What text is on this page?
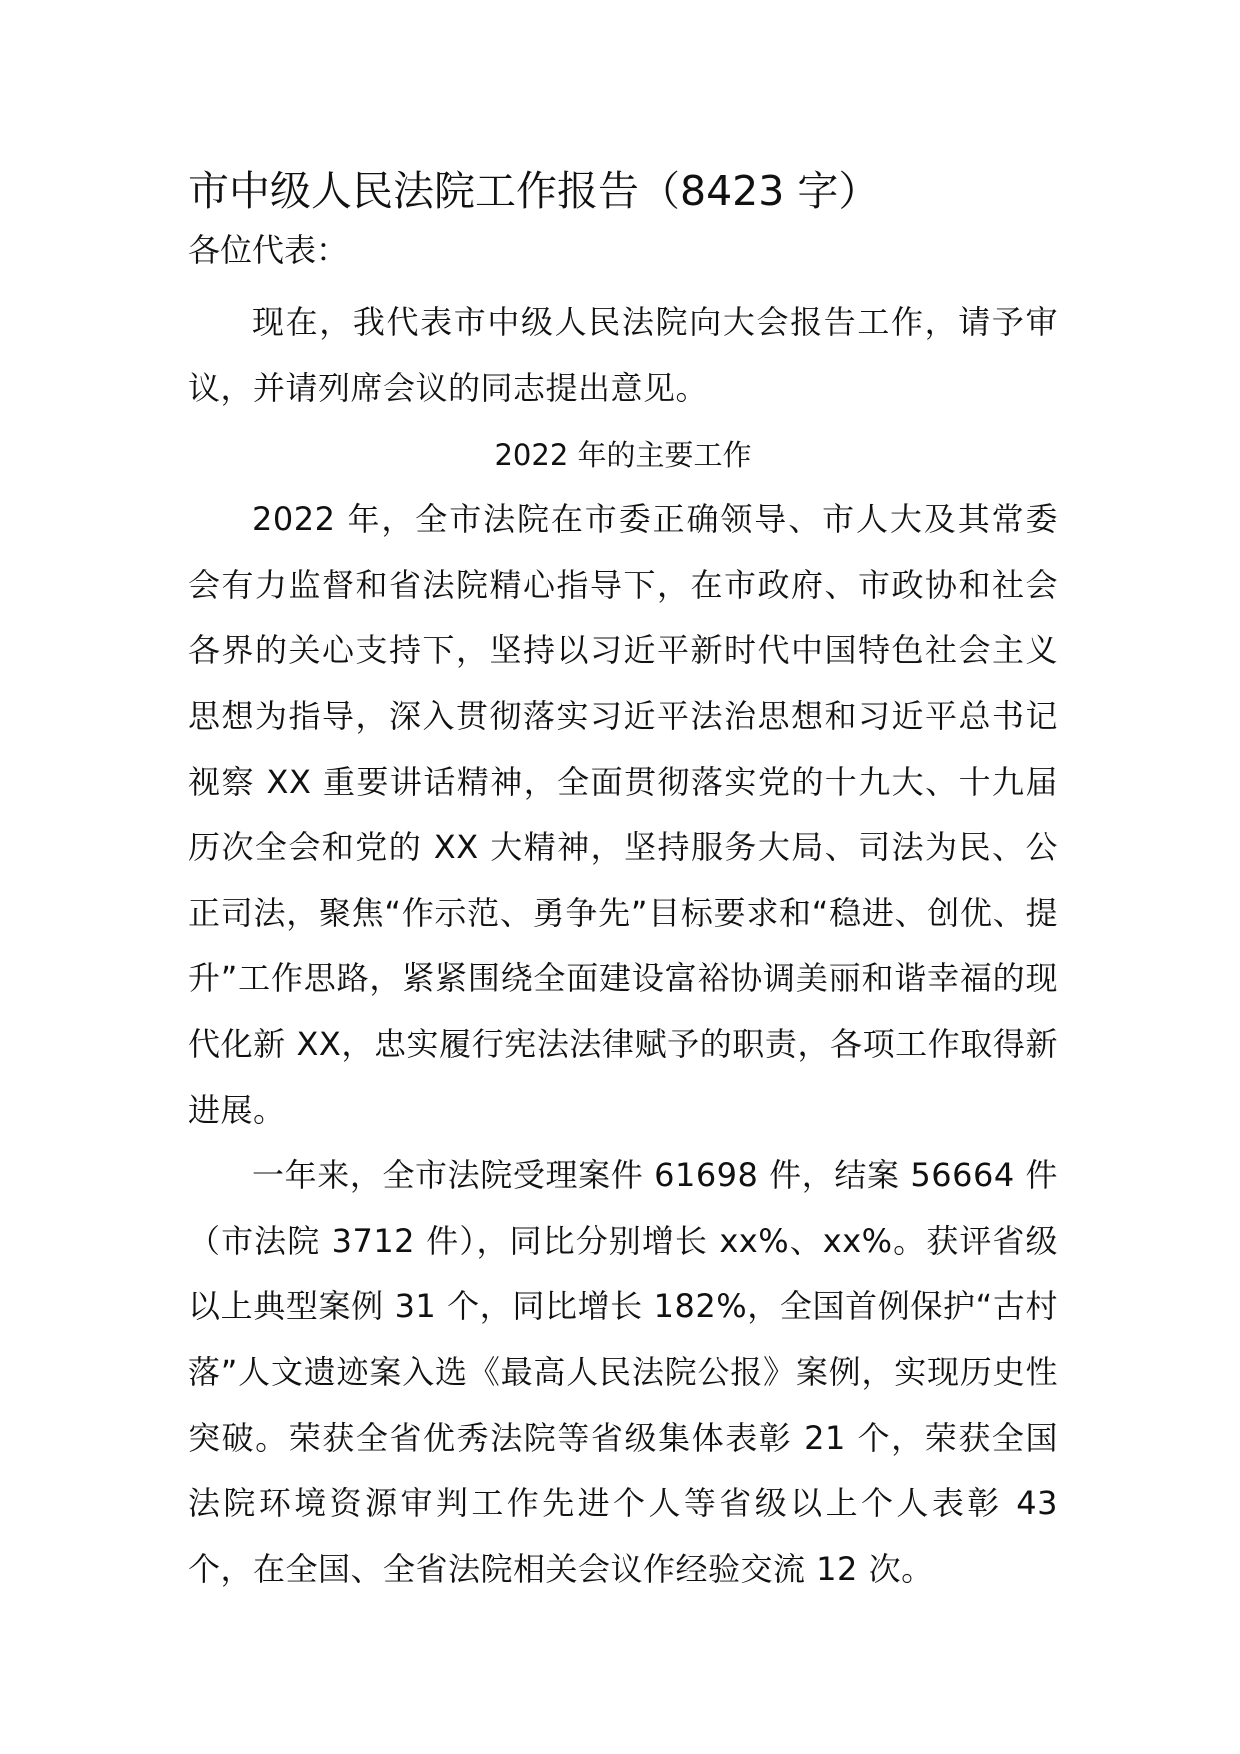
市中级人民法院工作报告（8423 字）

各位代表：

现在，我代表市中级人民法院向大会报告工作，请予审议，并请列席会议的同志提出意见。

2022 年的主要工作

2022 年，全市法院在市委正确领导、市人大及其常委会有力监督和省法院精心指导下，在市政府、市政协和社会各界的关心支持下，坚持以习近平新时代中国特色社会主义思想为指导，深入贯彻落实习近平法治思想和习近平总书记视察 XX 重要讲话精神，全面贯彻落实党的十九大、十九届历次全会和党的 XX 大精神，坚持服务大局、司法为民、公正司法，聚焦“作示范、勇争先”目标要求和“稳进、创优、提升”工作思路，紧紧围绕全面建设富裕协调美丽和谐幸福的现代化新 XX，忠实履行宪法法律赋予的职责，各项工作取得新进展。

一年来，全市法院受理案件 61698 件，结案 56664 件（市法院 3712 件），同比分别增长 xx%、xx%。获评省级以上典型案例 31 个，同比增长 182%，全国首例保护“古村落”人文遗迹案入选《最高人民法院公报》案例，实现历史性突破。荣获全省优秀法院等省级集体表彰 21 个，荣获全国法院环境资源审判工作先进个人等省级以上个人表彰 43 个，在全国、全省法院相关会议作经验交流 12 次。
